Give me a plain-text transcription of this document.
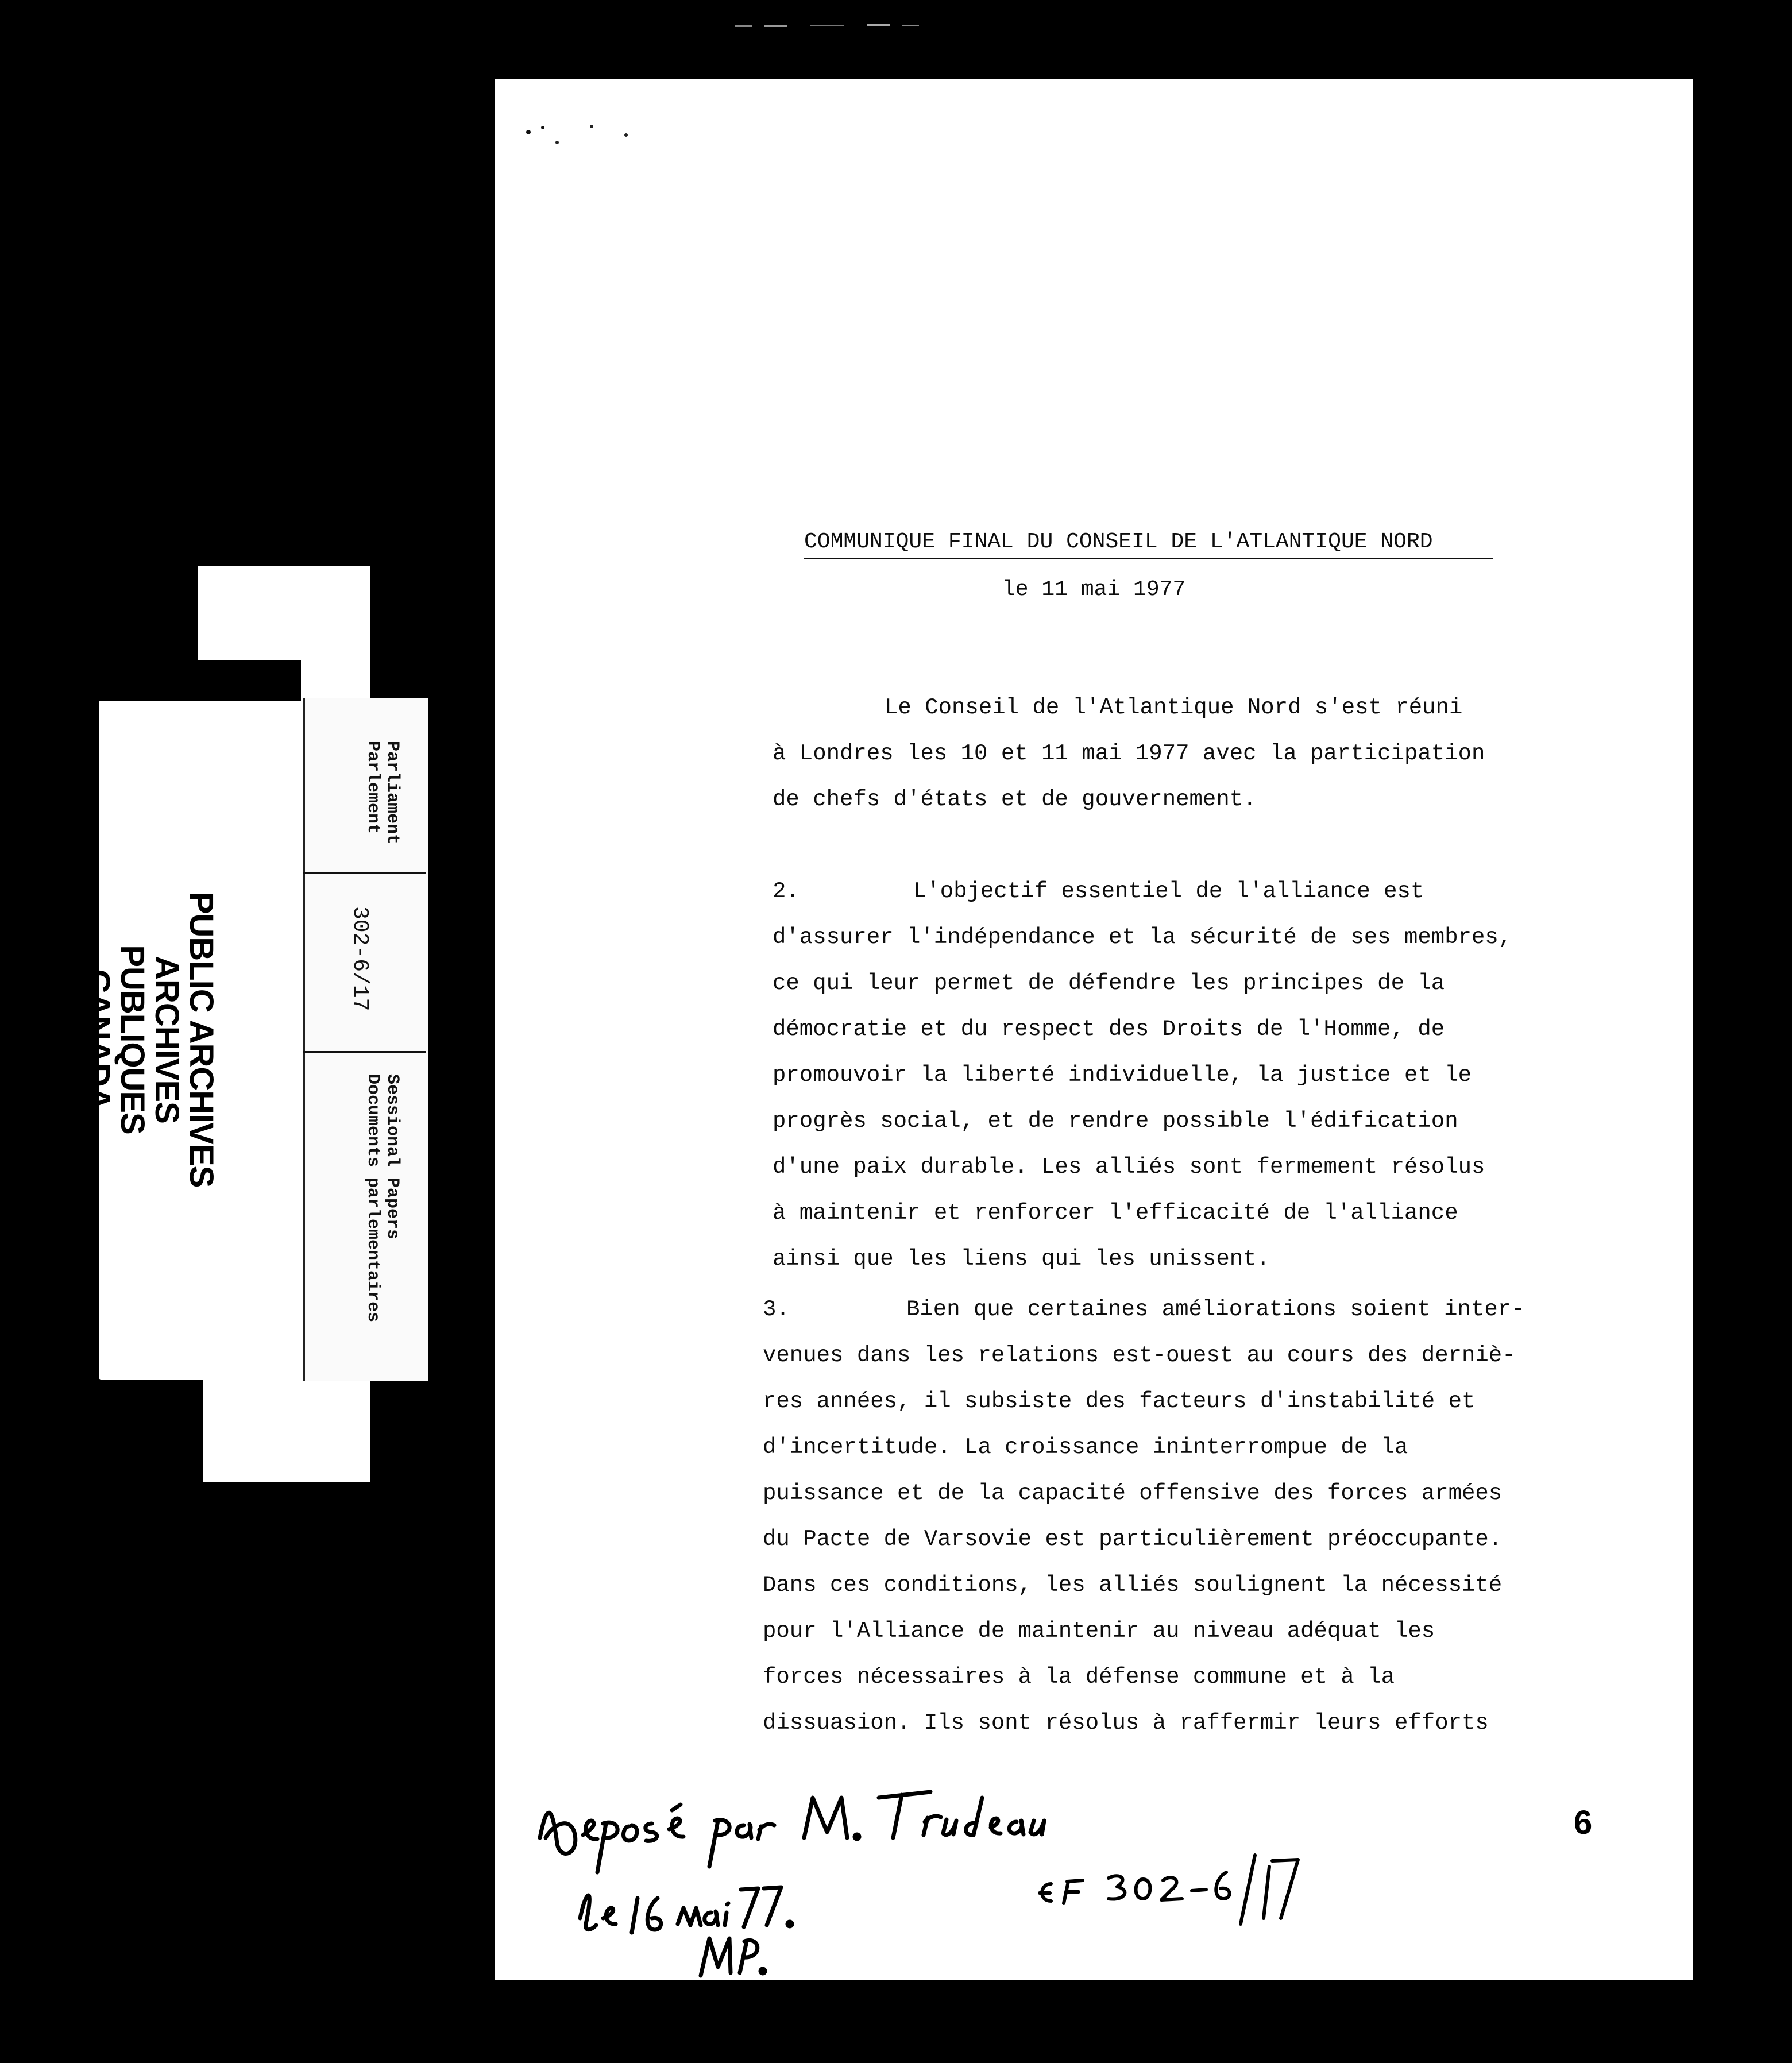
PUBLIC ARCHIVES
ARCHIVES PUBLIQUES
CANADA
Parliament
Parlement
302-6/17
Sessional Papers
Documents parlementaires
COMMUNIQUE FINAL DU CONSEIL DE L'ATLANTIQUE NORD
le 11 mai 1977
Le Conseil de l'Atlantique Nord s'est réuni
à Londres les 10 et 11 mai 1977 avec la participation
de chefs d'états et de gouvernement.
2.	L'objectif essentiel de l'alliance est
d'assurer l'indépendance et la sécurité de ses membres,
ce qui leur permet de défendre les principes de la
démocratie et du respect des Droits de l'Homme, de
promouvoir la liberté individuelle, la justice et le
progrès social, et de rendre possible l'édification
d'une paix durable. Les alliés sont fermement résolus
à maintenir et renforcer l'efficacité de l'alliance
ainsi que les liens qui les unissent.
3.	Bien que certaines améliorations soient inter-
venues dans les relations est-ouest au cours des derniè-
res années, il subsiste des facteurs d'instabilité et
d'incertitude. La croissance ininterrompue de la
puissance et de la capacité offensive des forces armées
du Pacte de Varsovie est particulièrement préoccupante.
Dans ces conditions, les alliés soulignent la nécessité
pour l'Alliance de maintenir au niveau adéquat les
forces nécessaires à la défense commune et à la
dissuasion. Ils sont résolus à raffermir leurs efforts
6
